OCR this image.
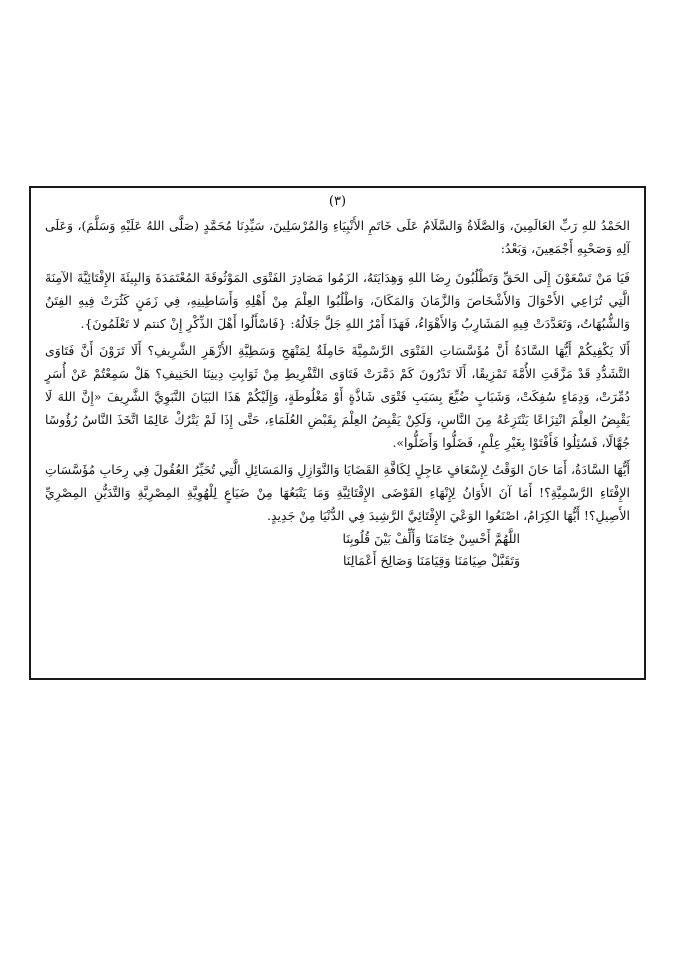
(٣)

الحَمْدُ للهِ رَبِّ العَالَمِينَ، وَالصَّلَاةُ وَالسَّلَامُ عَلَى خَاتَمِ الأَنْبِيَاءِ وَالمُرْسَلِينَ، سَيِّدِنَا مُحَمَّدٍ (صَلَّى اللهُ عَلَيْهِ وَسَلَّمَ)، وَعَلَى آلِهِ وَصَحْبِهِ أَجْمَعِينَ، وَبَعْدُ:

فَيَا مَنْ تَسْعَوْنَ إِلَى الحَقِّ وَتَطْلُبُونَ رِضَا اللهِ وَهِدَايَتَهُ، الزَمُوا مَصَادِرَ الفَتْوَى المَوْثُوقَةَ المُعْتَمَدَةَ وَالبِيئَةَ الإِفْتَائِيَّةَ الآمِنَةَ الَّتِي تُرَاعِي الأَحْوَالَ وَالأَشْخَاصَ وَالزَّمَانَ وَالمَكَانَ، وَاطْلُبُوا العِلْمَ مِنْ أَهْلِهِ وَأَسَاطِينِهِ، فِي زَمَنٍ كَثُرَتْ فِيهِ الفِتَنُ وَالشُّبُهَاتُ، وَتَعَدَّدَتْ فِيهِ المَشَارِبُ وَالأَهْوَاءُ، فَهَذَا أَمْرُ اللهِ جَلَّ جَلَالُهُ: {فَاسْأَلُوا أَهْلَ الذِّكْرِ إِنْ كنتم لا تَعْلَمُونَ}.

أَلَا يَكْفِيكُمْ أَيُّهَا السَّادَةُ أَنَّ مُؤَسَّسَاتِ الفَتْوَى الرَّسْمِيَّةَ حَامِلَةٌ لِمَنْهَجِ وَسَطِيَّةِ الأَزْهَرِ الشَّرِيفِ؟ أَلَا تَرَوْنَ أَنَّ فَتَاوَى التَّشَدُّدِ قَدْ مَزَّقَتِ الأُمَّةَ تَمْزِيقًا، أَلَا تَدْرُونَ كَمْ دَمَّرَتْ فَتَاوَى التَّفْرِيطِ مِنْ ثَوَابِتِ دِينِنَا الحَنِيفِ؟ هَلْ سَمِعْتُمْ عَنْ أُسَرٍ دُمِّرَتْ، وَدِمَاءٍ سُفِكَتْ، وَشَبَابٍ ضُيِّعَ بِسَبَبِ فَتْوَى شَاذَّةٍ أَوْ مَغْلُوطَةٍ، وَإِلَيْكُمْ هَذَا البَيَانَ النَّبَوِيَّ الشَّرِيفَ «إِنَّ اللهَ لَا يَقْبِضُ العِلْمَ انْتِزَاعًا يَنْتَزِعُهُ مِنَ النَّاسِ، وَلَكِنْ يَقْبِضُ العِلْمَ بِقَبْضِ العُلَمَاءِ، حَتَّى إِذَا لَمْ يَتْرُكْ عَالِمًا اتَّخَذَ النَّاسُ رُؤُوسًا جُهَّالًا، فَسُئِلُوا فَأَفْتَوْا بِغَيْرِ عِلْمٍ، فَضَلُّوا وَأَضَلُّوا».

أَيُّهَا السَّادَةُ، أَمَا حَانَ الوَقْتُ لِإِسْعَافٍ عَاجِلٍ لِكَافَّةِ القَضَايَا وَالنَّوَازِلِ وَالمَسَائِلِ الَّتِي تُحَيِّرُ العُقُولَ فِي رِحَابِ مُؤَسَّسَاتِ الإِفْتَاءِ الرَّسْمِيَّةِ؟! أَمَا آنَ الأَوَانُ لِإِنْهَاءِ الفَوْضَى الإِفْتَائِيَّةِ وَمَا يَتْبَعُهَا مِنْ ضَيَاعٍ لِلْهُوِيَّةِ المِصْرِيَّةِ وَالتَّدَيُّنِ المِصْرِيِّ الأَصِيلِ؟! أَيُّهَا الكِرَامُ، اصْنَعُوا الوَعْيَ الإِفْتَائِيَّ الرَّشِيدَ فِي الدُّنْيَا مِنْ جَدِيدٍ.

اللَّهُمَّ أَحْسِنْ خِتَامَنَا وَأَلِّفْ بَيْنَ قُلُوبِنَا

وَتَقَبَّلْ صِيَامَنَا وَقِيَامَنَا وَصَالِحَ أَعْمَالِنَا
